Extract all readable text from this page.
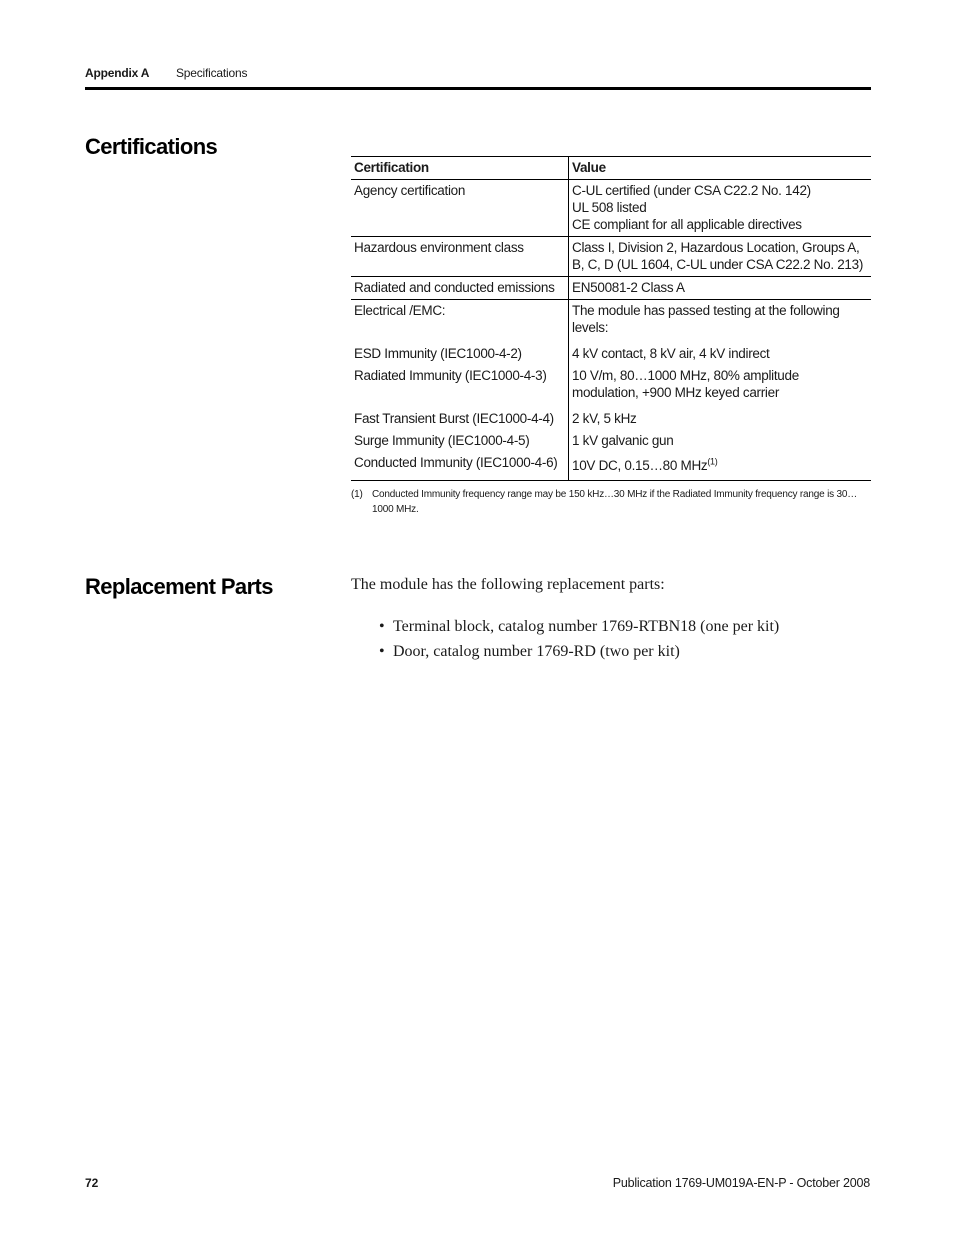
Appendix A Specifications
Certifications
Certification	Value
Agency certification	C-UL certified (under CSA C22.2 No. 142)
UL 508 listed
CE compliant for all applicable directives

Hazardous environment class	Class I, Division 2, Hazardous Location, Groups A, B, C, D (UL 1604, C-UL under CSA C22.2 No. 213)
Radiated and conducted emissions	EN50081-2 Class A
Electrical /EMC:	The module has passed testing at the following levels:
ESD Immunity (IEC1000-4-2)	4 kV contact, 8 kV air, 4 kV indirect
Radiated Immunity (IEC1000-4-3)	10 V/m, 80…1000 MHz, 80% amplitude modulation, +900 MHz keyed carrier
Fast Transient Burst (IEC1000-4-4)	2 kV, 5 kHz
Surge Immunity (IEC1000-4-5)	1 kV galvanic gun
Conducted Immunity (IEC1000-4-6)	10V DC, 0.15…80 MHz$^{(1)}$
(1) Conducted Immunity frequency range may be 150 kHz…30 MHz if the Radiated Immunity frequency range is 30…1000 MHz.
Replacement Parts	The module has the following replacement parts:
• Terminal block, catalog number 1769-RTBN18 (one per kit)
• Door, catalog number 1769-RD (two per kit)
72	Publication 1769-UM019A-EN-P - October 2008
